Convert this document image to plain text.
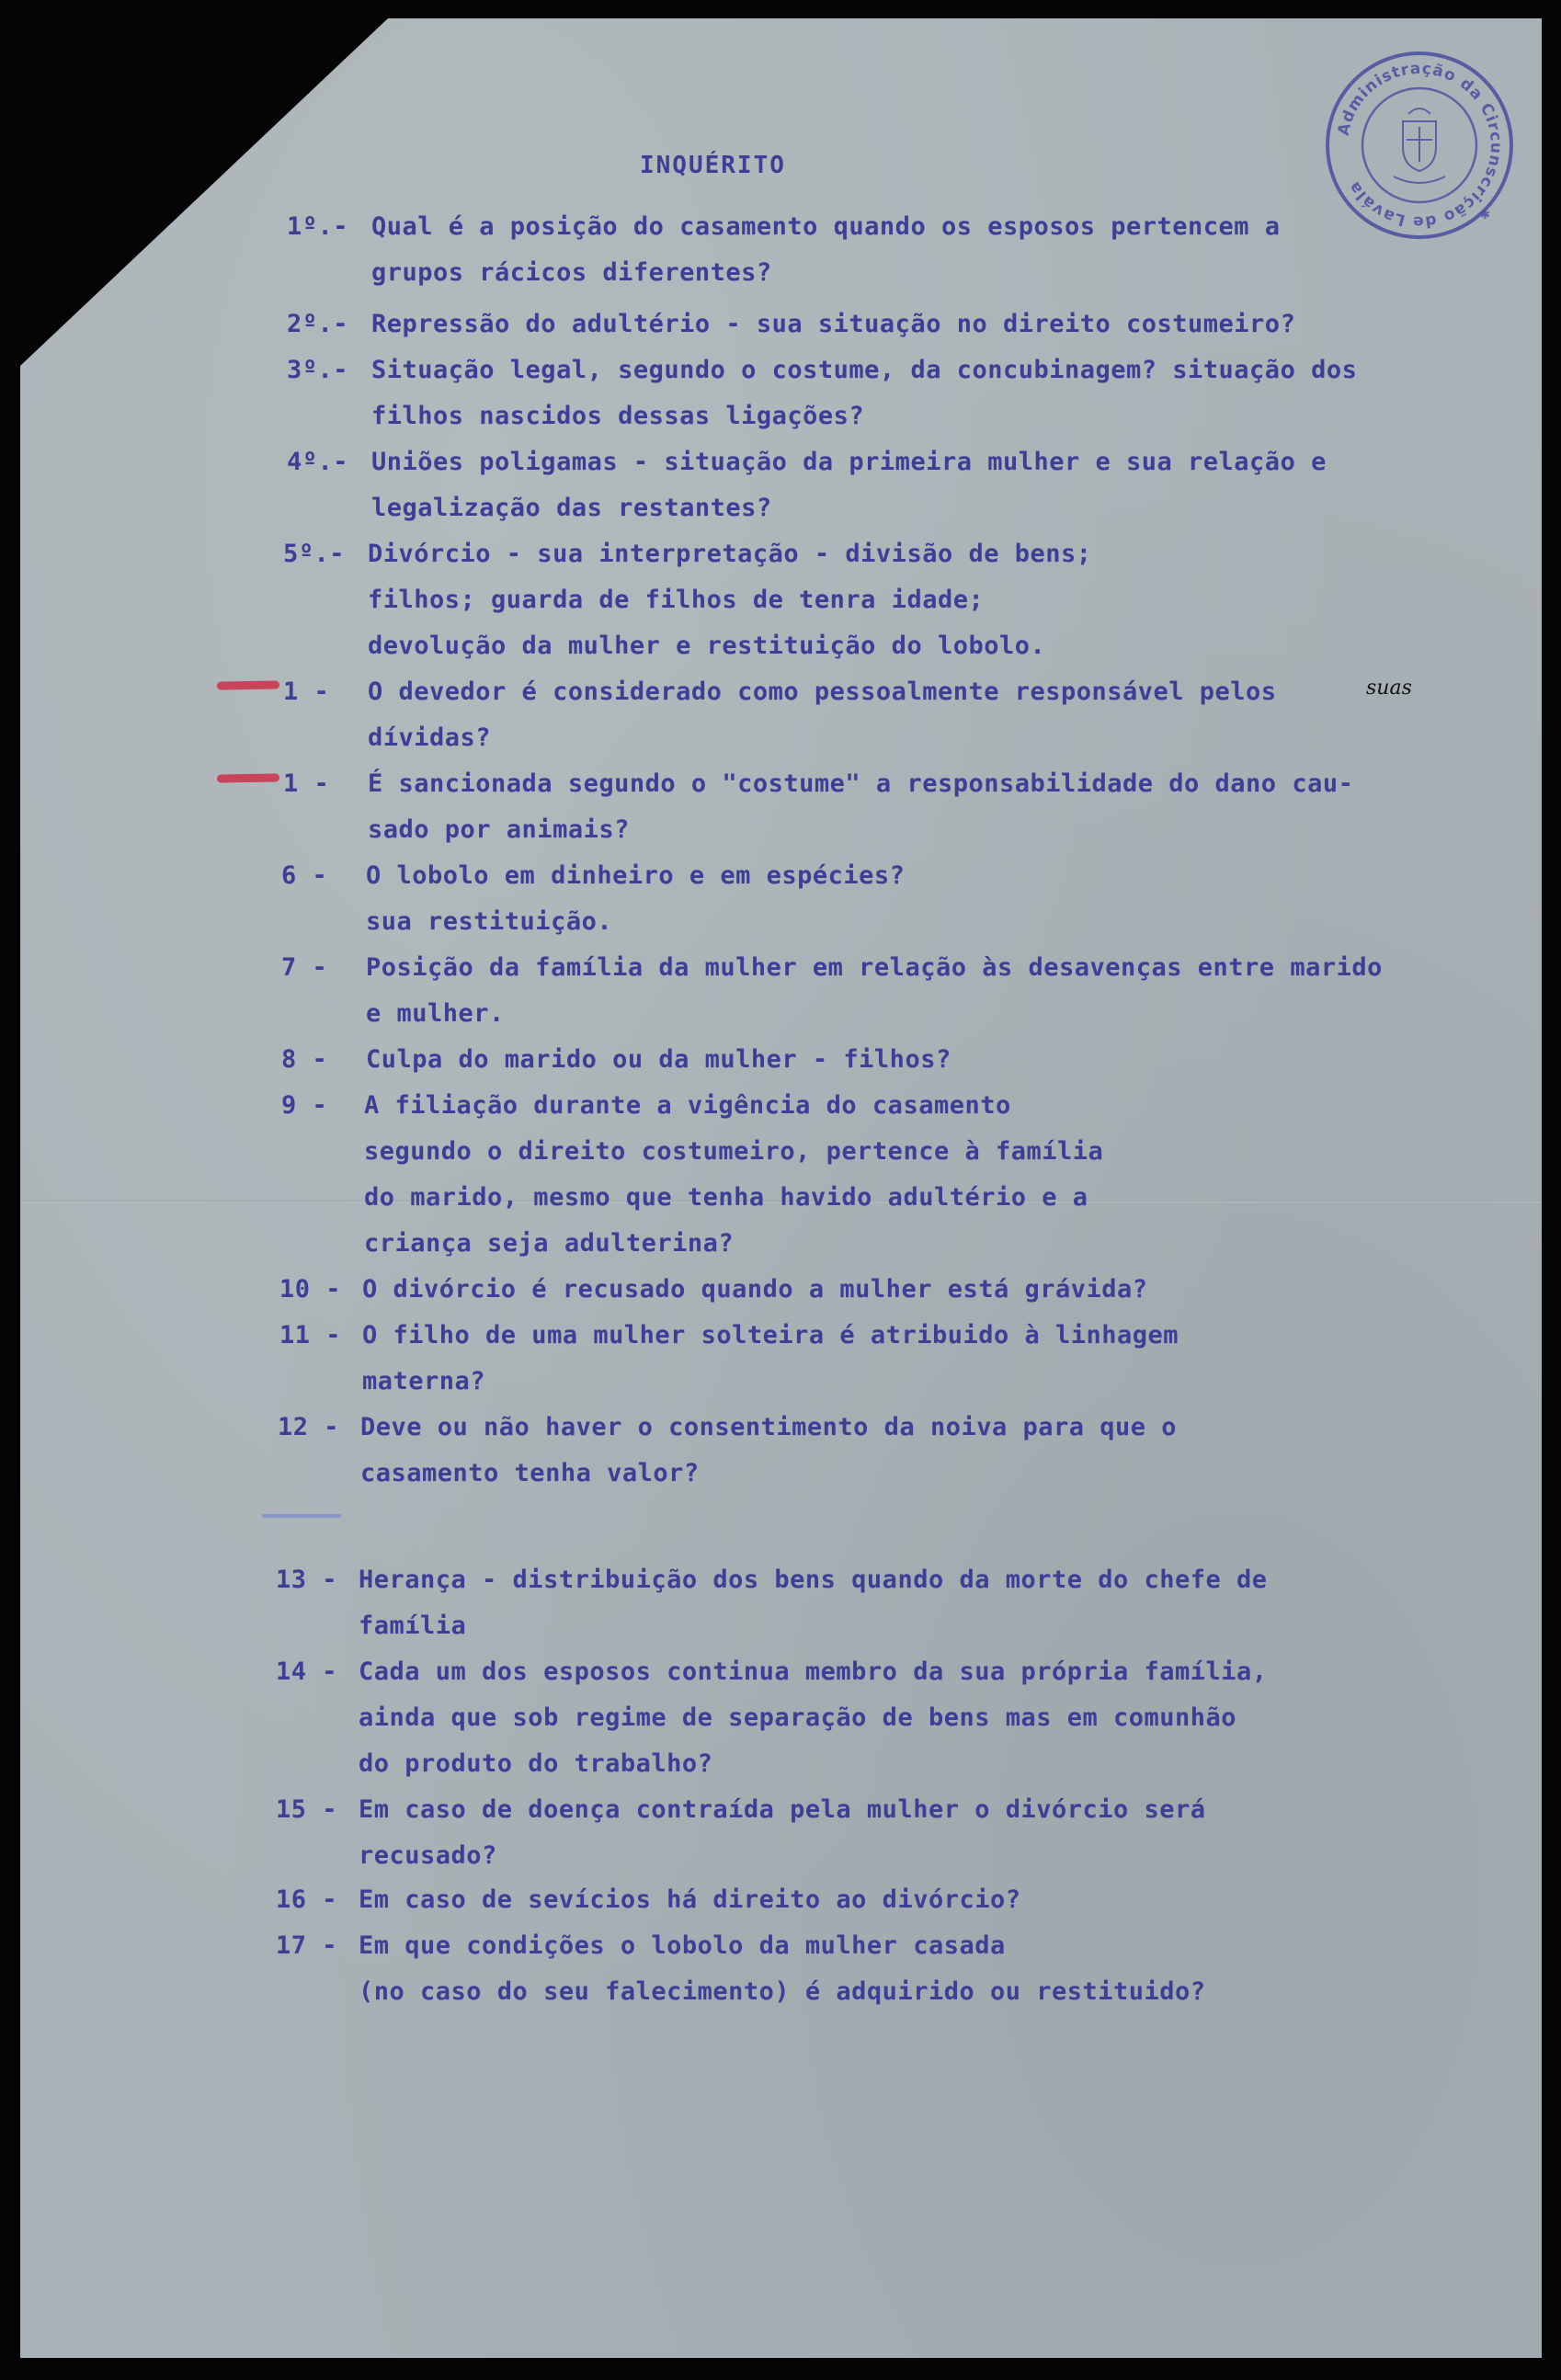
INQUÉRITO
Administração da Circunscrição de Lavála
✱
suas
1º.- Qual é a posição do casamento quando os esposos pertencem a
grupos rácicos diferentes?
2º.- Repressão do adultério - sua situação no direito costumeiro?
3º.- Situação legal, segundo o costume, da concubinagem? situação dos
filhos nascidos dessas ligações?
4º.- Uniões poligamas - situação da primeira mulher e sua relação e
legalização das restantes?
5º.- Divórcio - sua interpretação - divisão de bens;
filhos; guarda de filhos de tenra idade;
devolução da mulher e restituição do lobolo.
1 - O devedor é considerado como pessoalmente responsável pelos
dívidas?
1 - É sancionada segundo o "costume" a responsabilidade do dano cau-
sado por animais?
6 - O lobolo em dinheiro e em espécies?
sua restituição.
7 - Posição da família da mulher em relação às desavenças entre marido
e mulher.
8 - Culpa do marido ou da mulher - filhos?
9 - A filiação durante a vigência do casamento
segundo o direito costumeiro, pertence à família
do marido, mesmo que tenha havido adultério e a
criança seja adulterina?
10 - O divórcio é recusado quando a mulher está grávida?
11 - O filho de uma mulher solteira é atribuido à linhagem
materna?
12 - Deve ou não haver o consentimento da noiva para que o
casamento tenha valor?
13 - Herança - distribuição dos bens quando da morte do chefe de
família
14 - Cada um dos esposos continua membro da sua própria família,
ainda que sob regime de separação de bens mas em comunhão
do produto do trabalho?
15 - Em caso de doença contraída pela mulher o divórcio será
recusado?
16 - Em caso de sevícios há direito ao divórcio?
17 - Em que condições o lobolo da mulher casada
(no caso do seu falecimento) é adquirido ou restituido?
